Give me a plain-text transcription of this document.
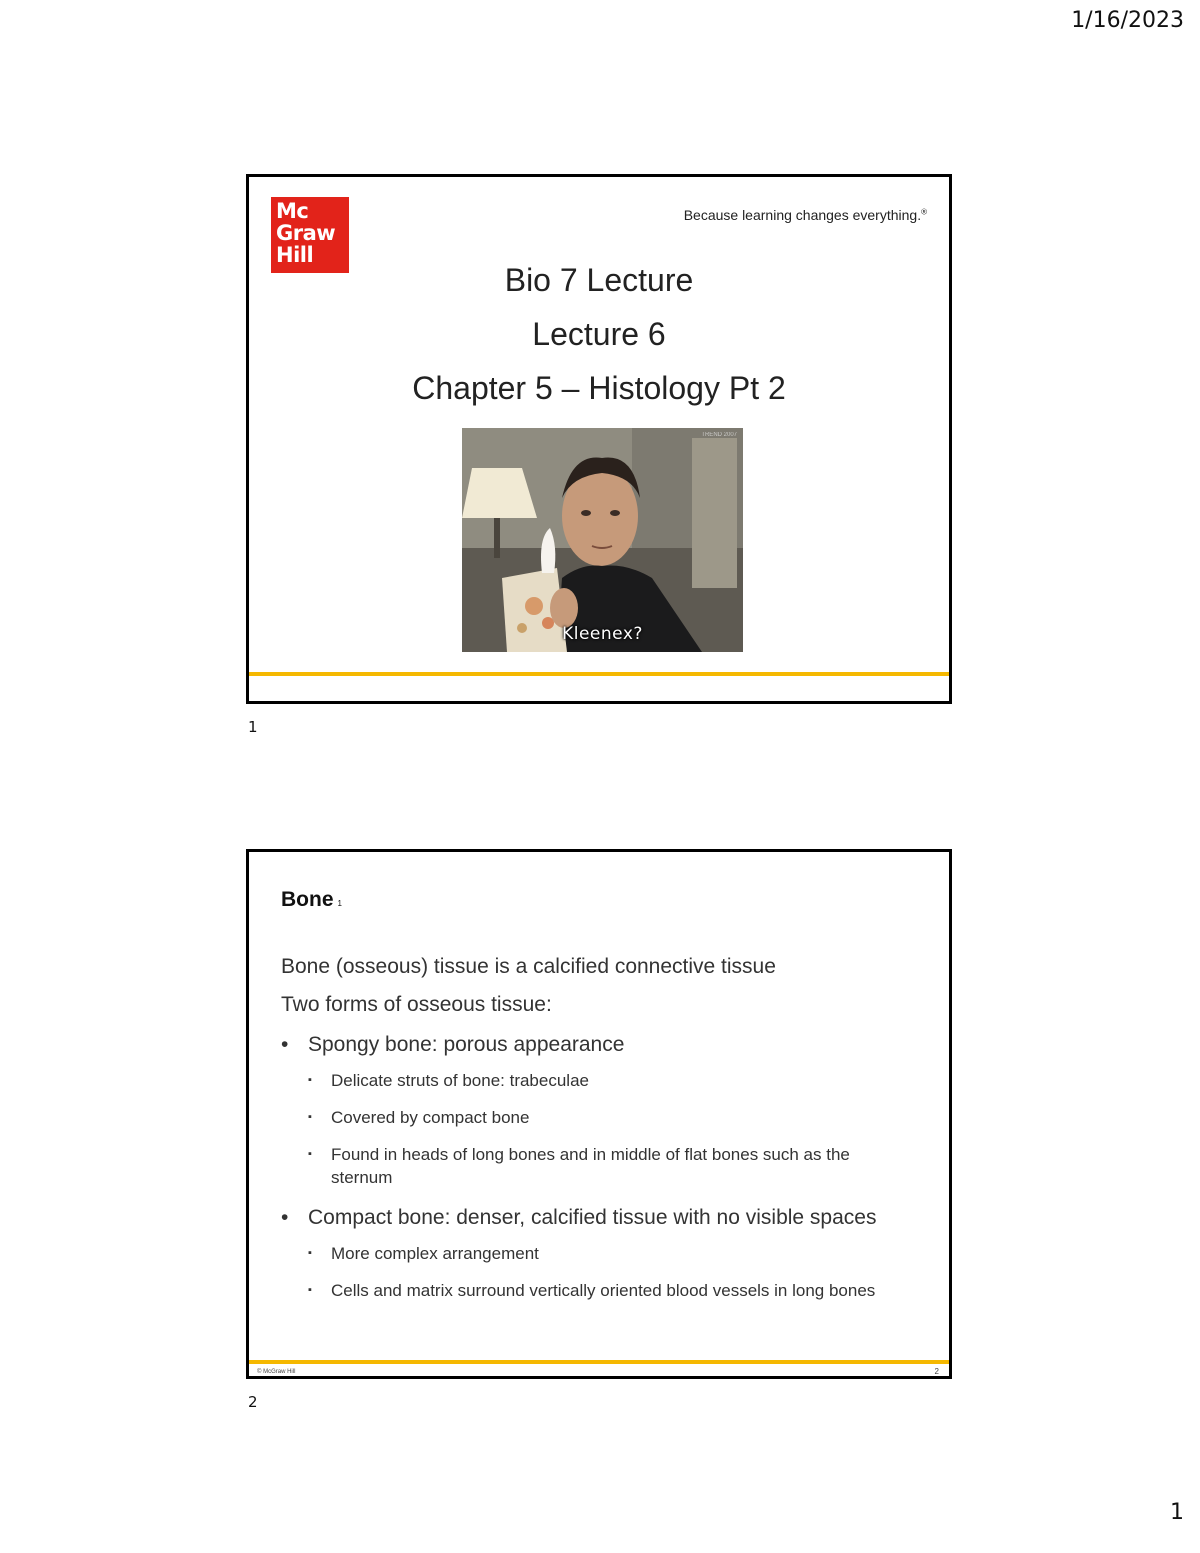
1/16/2023
Mc
Graw
Hill
Because learning changes everything.®
Bio 7 Lecture
Lecture 6
Chapter 5 – Histology Pt 2
TREND 2007
Kleenex?
1
Bone 1

Bone (osseous) tissue is a calcified connective tissue

Two forms of osseous tissue:

• Spongy bone: porous appearance
▪ Delicate struts of bone: trabeculae
▪ Covered by compact bone
▪ Found in heads of long bones and in middle of flat bones such as the sternum
• Compact bone: denser, calcified tissue with no visible spaces
▪ More complex arrangement
▪ Cells and matrix surround vertically oriented blood vessels in long bones
© McGraw Hill	2
2
1
